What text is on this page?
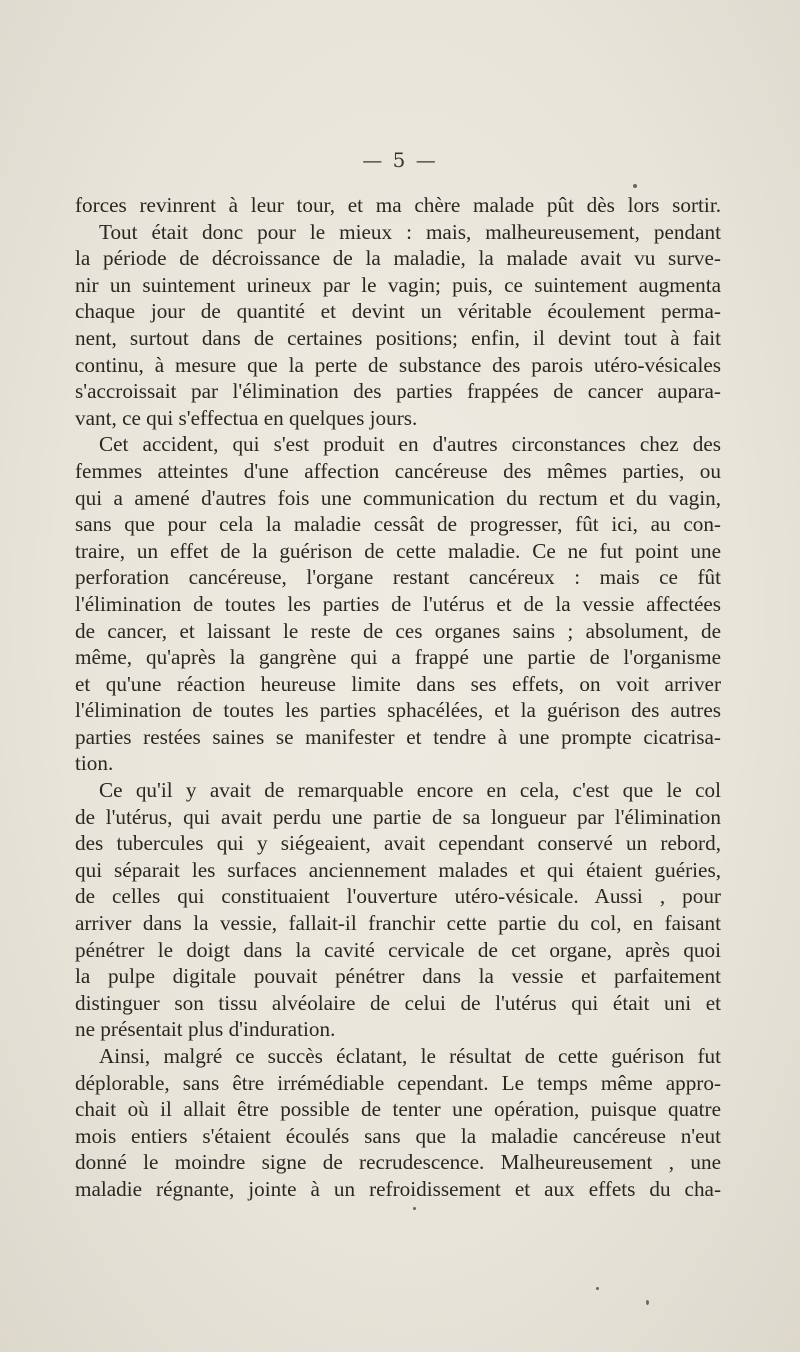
— 5 —
forces revinrent à leur tour, et ma chère malade pût dès lors sortir.
Tout était donc pour le mieux : mais, malheureusement, pendant
la période de décroissance de la maladie, la malade avait vu surve-
nir un suintement urineux par le vagin; puis, ce suintement augmenta
chaque jour de quantité et devint un véritable écoulement perma-
nent, surtout dans de certaines positions; enfin, il devint tout à fait
continu, à mesure que la perte de substance des parois utéro-vésicales
s'accroissait par l'élimination des parties frappées de cancer aupara-
vant, ce qui s'effectua en quelques jours.
Cet accident, qui s'est produit en d'autres circonstances chez des
femmes atteintes d'une affection cancéreuse des mêmes parties, ou
qui a amené d'autres fois une communication du rectum et du vagin,
sans que pour cela la maladie cessât de progresser, fût ici, au con-
traire, un effet de la guérison de cette maladie. Ce ne fut point une
perforation cancéreuse, l'organe restant cancéreux : mais ce fût
l'élimination de toutes les parties de l'utérus et de la vessie affectées
de cancer, et laissant le reste de ces organes sains ; absolument, de
même, qu'après la gangrène qui a frappé une partie de l'organisme
et qu'une réaction heureuse limite dans ses effets, on voit arriver
l'élimination de toutes les parties sphacélées, et la guérison des autres
parties restées saines se manifester et tendre à une prompte cicatrisa-
tion.
Ce qu'il y avait de remarquable encore en cela, c'est que le col
de l'utérus, qui avait perdu une partie de sa longueur par l'élimination
des tubercules qui y siégeaient, avait cependant conservé un rebord,
qui séparait les surfaces anciennement malades et qui étaient guéries,
de celles qui constituaient l'ouverture utéro-vésicale. Aussi , pour
arriver dans la vessie, fallait-il franchir cette partie du col, en faisant
pénétrer le doigt dans la cavité cervicale de cet organe, après quoi
la pulpe digitale pouvait pénétrer dans la vessie et parfaitement
distinguer son tissu alvéolaire de celui de l'utérus qui était uni et
ne présentait plus d'induration.
Ainsi, malgré ce succès éclatant, le résultat de cette guérison fut
déplorable, sans être irrémédiable cependant. Le temps même appro-
chait où il allait être possible de tenter une opération, puisque quatre
mois entiers s'étaient écoulés sans que la maladie cancéreuse n'eut
donné le moindre signe de recrudescence. Malheureusement , une
maladie régnante, jointe à un refroidissement et aux effets du cha-
